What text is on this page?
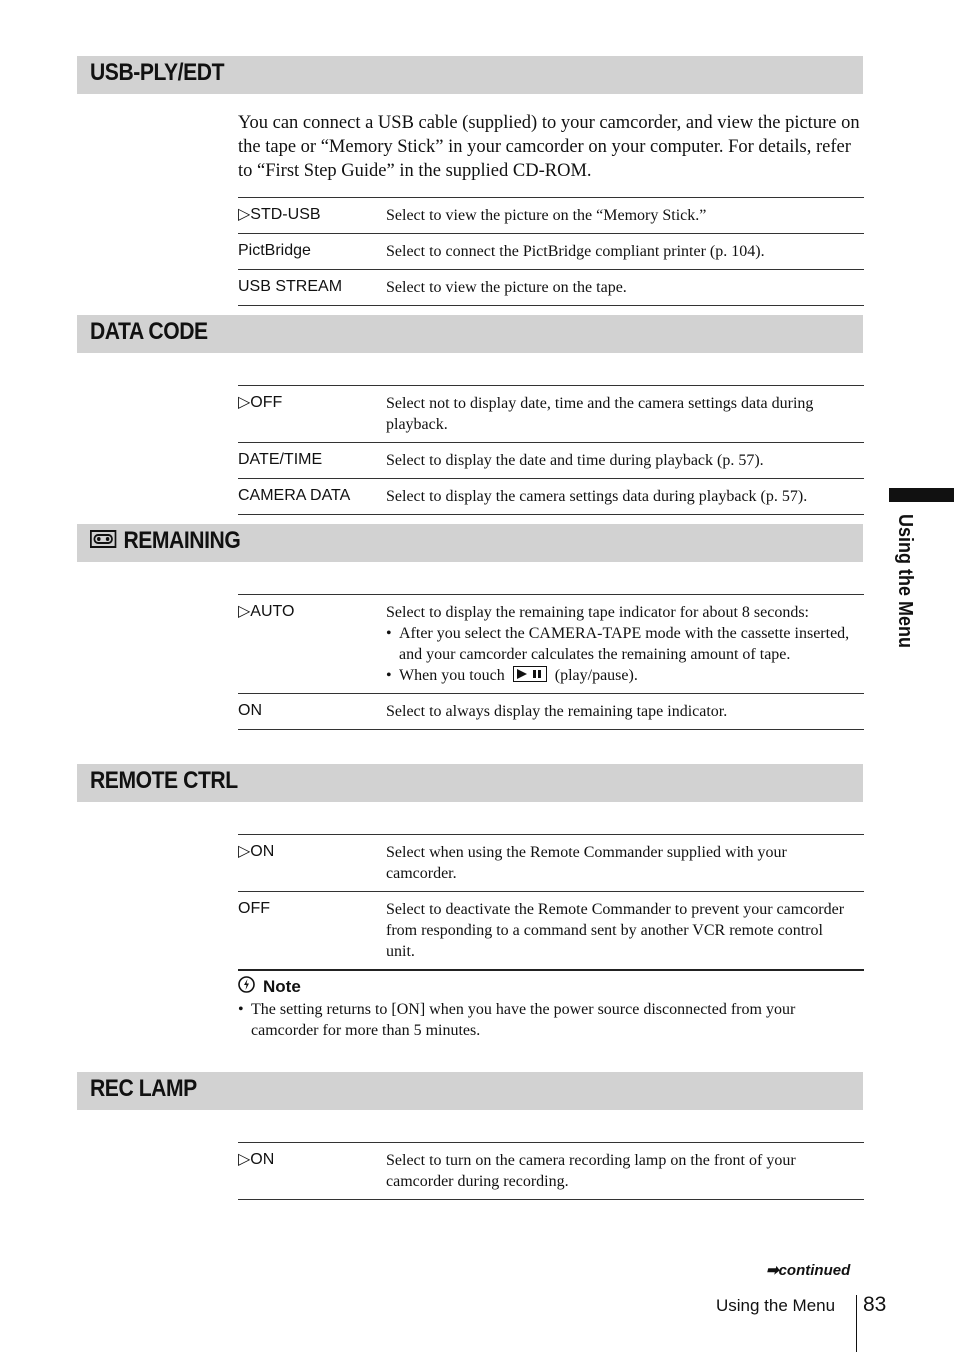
USB-PLY/EDT
You can connect a USB cable (supplied) to your camcorder, and view the picture on the tape or “Memory Stick” in your camcorder on your computer. For details, refer to “First Step Guide” in the supplied CD-ROM.
▷STD-USB	Select to view the picture on the “Memory Stick.”
PictBridge	Select to connect the PictBridge compliant printer (p. 104).
USB STREAM	Select to view the picture on the tape.
DATA CODE
▷OFF	Select not to display date, time and the camera settings data during playback.
DATE/TIME	Select to display the date and time during playback (p. 57).
CAMERA DATA	Select to display the camera settings data during playback (p. 57).
REMAINING
▷AUTO	Select to display the remaining tape indicator for about 8 seconds:
• After you select the CAMERA-TAPE mode with the cassette inserted, and your camcorder calculates the remaining amount of tape.
• When you touch	(play/pause).
ON	Select to always display the remaining tape indicator.
REMOTE CTRL
▷ON	Select when using the Remote Commander supplied with your camcorder.
OFF	Select to deactivate the Remote Commander to prevent your camcorder from responding to a command sent by another VCR remote control unit.
Note
• The setting returns to [ON] when you have the power source disconnected from your camcorder for more than 5 minutes.
REC LAMP
▷ON	Select to turn on the camera recording lamp on the front of your camcorder during recording.
Using the Menu
➡continued
Using the Menu 83
